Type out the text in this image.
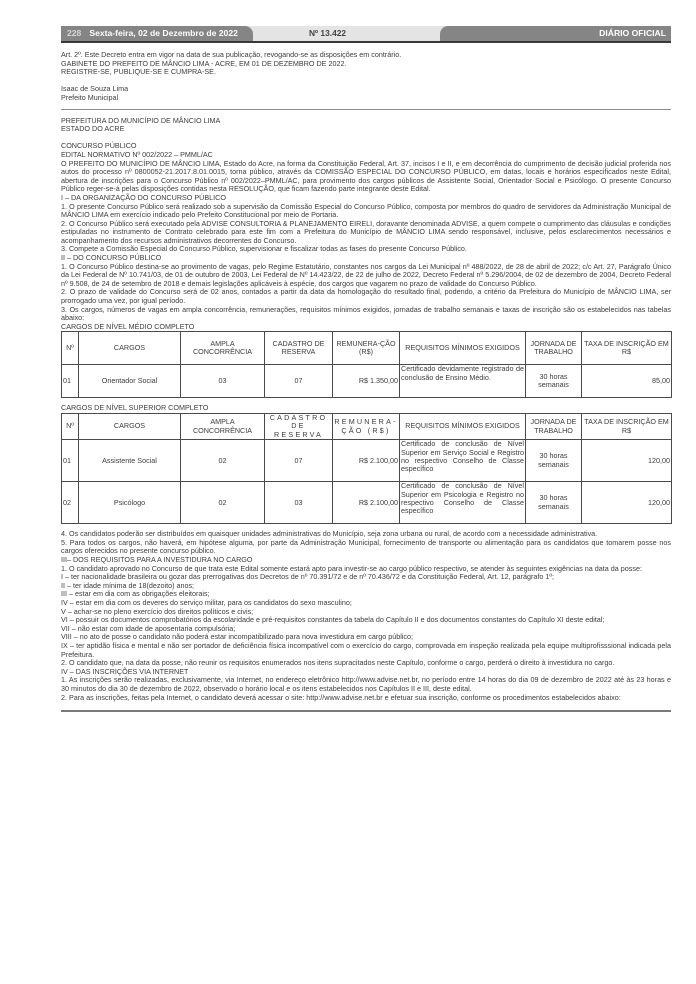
228 Sexta-feira, 02 de Dezembro de 2022	Nº 13.422	DIÁRIO OFICIAL
Art. 2º. Este Decreto entra em vigor na data de sua publicação, revogando-se as disposições em contrário.
GABINETE DO PREFEITO DE MÂNCIO LIMA - ACRE, EM 01 DE DEZEMBRO DE 2022.
REGISTRE-SE, PUBLIQUE-SE E CUMPRA-SE.
Isaac de Souza Lima
Prefeito Municipal
PREFEITURA DO MUNICÍPIO DE MÂNCIO LIMA
ESTADO DO ACRE
CONCURSO PÚBLICO
EDITAL NORMATIVO Nº 002/2022 – PMML/AC
O PREFEITO DO MUNICÍPIO DE MÂNCIO LIMA, Estado do Acre, na forma da Constituição Federal, Art. 37, incisos I e II, e em decorrência do cumprimento de decisão judicial proferida nos autos do processo nº 0800052-21.2017.8.01.0015, torna público, através da COMISSÃO ESPECIAL DO CONCURSO PÚBLICO, em datas, locais e horários especificados neste Edital, abertura de inscrições para o Concurso Público nº 002/2022–PMML/AC, para provimento dos cargos públicos de Assistente Social, Orientador Social e Psicólogo. O presente Concurso Público reger-se-á pelas disposições contidas nesta RESOLUÇÃO, que ficam fazendo parte integrante deste Edital.
I – DA ORGANIZAÇÃO DO CONCURSO PÚBLICO
1. O presente Concurso Público será realizado sob a supervisão da Comissão Especial do Concurso Público, composta por membros do quadro de servidores da Administração Municipal de MÂNCIO LIMA em exercício indicado pelo Prefeito Constitucional por meio de Portaria.
2. O Concurso Público será executado pela ADVISE CONSULTORIA & PLANEJAMENTO EIRELI, doravante denominada ADVISE, a quem compete o cumprimento das cláusulas e condições estipuladas no instrumento de Contrato celebrado para este fim com a Prefeitura do Município de MÂNCIO LIMA sendo responsável, inclusive, pelos esclarecimentos necessários e acompanhamento dos recursos administrativos decorrentes do Concurso.
3. Compete a Comissão Especial do Concurso Público, supervisionar e fiscalizar todas as fases do presente Concurso Público.
II – DO CONCURSO PÚBLICO
1. O Concurso Público destina-se ao provimento de vagas, pelo Regime Estatutário, constantes nos cargos da Lei Municipal nº 488/2022, de 28 de abril de 2022; c/c Art. 27, Parágrafo Único da Lei Federal de Nº 10.741/03, de 01 de outubro de 2003, Lei Federal de Nº 14.423/22, de 22 de julho de 2022, Decreto Federal nº 5.296/2004, de 02 de dezembro de 2004, Decreto Federal nº 9.508, de 24 de setembro de 2018 e demais legislações aplicáveis à espécie, dos cargos que vagarem no prazo de validade do Concurso Público.
2. O prazo de validade do Concurso será de 02 anos, contados a partir da data da homologação do resultado final, podendo, a critério da Prefeitura do Município de MÂNCIO LIMA, ser prorrogado uma vez, por igual período.
3. Os cargos, números de vagas em ampla concorrência, remunerações, requisitos mínimos exigidos, jornadas de trabalho semanais e taxas de inscrição são os estabelecidos nas tabelas abaixo:
CARGOS DE NÍVEL MÉDIO COMPLETO
Nº	CARGOS	AMPLA CONCORRÊNCIA	CADASTRO DE RESERVA	REMUNERA-ÇÃO (R$)	REQUISITOS MÍNIMOS EXIGIDOS	JORNADA DE TRABALHO	TAXA DE INSCRIÇÃO EM R$
01	Orientador Social	03	07	R$ 1.350,00	Certificado devidamente registrado de conclusão de Ensino Médio.	30 horas semanais	85,00
CARGOS DE NÍVEL SUPERIOR COMPLETO
Nº	CARGOS	AMPLA CONCORRÊNCIA	CADASTRO DE RESERVA	REMUNERA-ÇÃO (R$)	REQUISITOS MÍNIMOS EXIGIDOS	JORNADA DE TRABALHO	TAXA DE INSCRIÇÃO EM R$
01	Assistente Social	02	07	R$ 2.100,00	Certificado de conclusão de Nível Superior em Serviço Social e Registro no respectivo Conselho de Classe específico	30 horas semanais	120,00
02	Psicólogo	02	03	R$ 2.100,00	Certificado de conclusão de Nível Superior em Psicologia e Registro no respectivo Conselho de Classe específico	30 horas semanais	120,00
4. Os candidatos poderão ser distribuídos em quaisquer unidades administrativas do Município, seja zona urbana ou rural, de acordo com a necessidade administrativa.
5. Para todos os cargos, não haverá, em hipótese alguma, por parte da Administração Municipal, fornecimento de transporte ou alimentação para os candidatos que tomarem posse nos cargos oferecidos no presente concurso público.
III– DOS REQUISITOS PARA A INVESTIDURA NO CARGO
1. O candidato aprovado no Concurso de que trata este Edital somente estará apto para investir-se ao cargo público respectivo, se atender às seguintes exigências na data da posse:
I – ter nacionalidade brasileira ou gozar das prerrogativas dos Decretos de nº 70.391/72 e de nº 70.436/72 e da Constituição Federal, Art. 12, parágrafo 1º;
II – ter idade mínima de 18(dezoito) anos;
III – estar em dia com as obrigações eleitorais;
IV – estar em dia com os deveres do serviço militar, para os candidatos do sexo masculino;
V – achar-se no pleno exercício dos direitos políticos e civis;
VI – possuir os documentos comprobatórios da escolaridade e pré-requisitos constantes da tabela do Capítulo II e dos documentos constantes do Capítulo XI deste edital;
VII – não estar com idade de aposentaria compulsória;
VIII – no ato de posse o candidato não poderá estar incompatibilizado para nova investidura em cargo público;
IX – ter aptidão física e mental e não ser portador de deficiência física incompatível com o exercício do cargo, comprovada em inspeção realizada pela equipe multiprofisssional indicada pela Prefeitura.
2. O candidato que, na data da posse, não reunir os requisitos enumerados nos itens supracitados neste Capítulo, conforme o cargo, perderá o direito à investidura no cargo.
IV – DAS INSCRIÇÕES VIA INTERNET
1. As inscrições serão realizadas, exclusivamente, via Internet, no endereço eletrônico http://www.advise.net.br, no período entre 14 horas do dia 09 de dezembro de 2022 até às 23 horas e 30 minutos do dia 30 de dezembro de 2022, observado o horário local e os itens estabelecidos nos Capítulos II e III, deste edital.
2. Para as inscrições, feitas pela Internet, o candidato deverá acessar o site: http://www.advise.net.br e efetuar sua inscrição, conforme os procedimentos estabelecidos abaixo:
